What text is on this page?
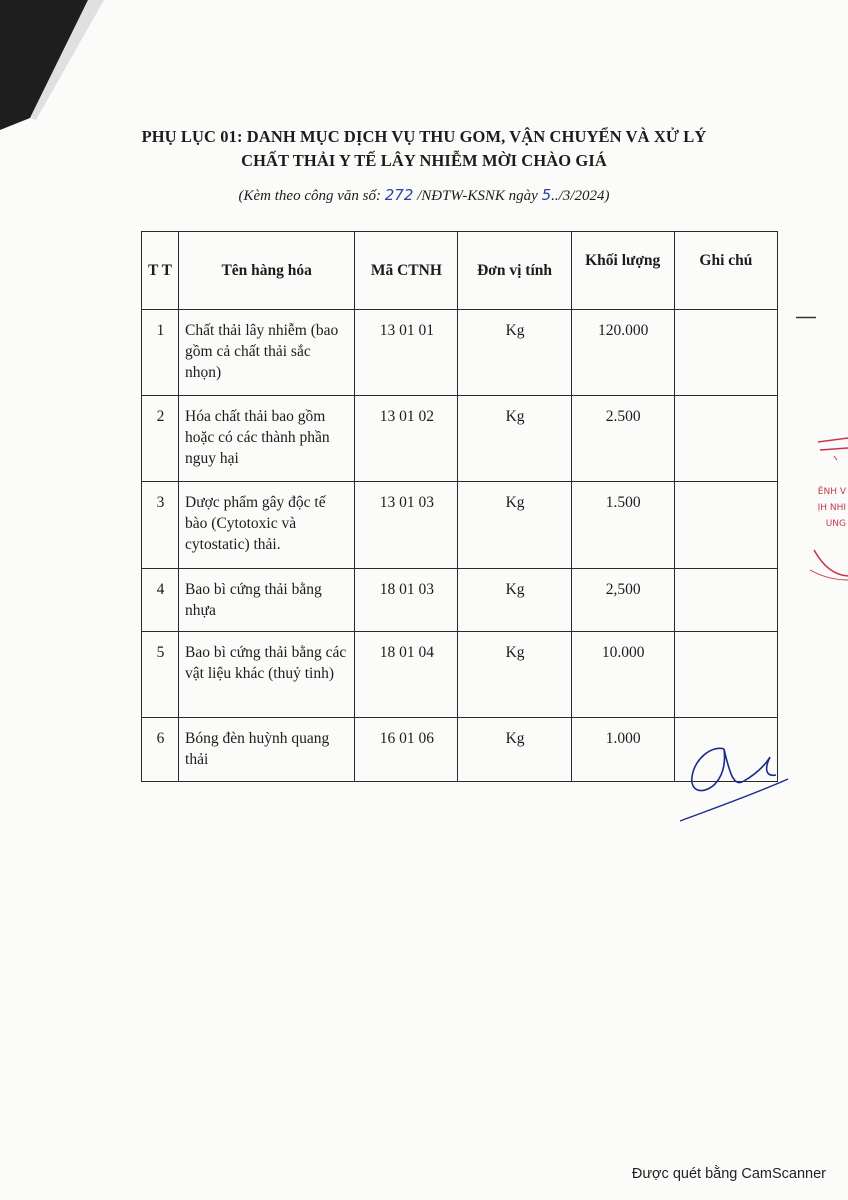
PHỤ LỤC 01: DANH MỤC DỊCH VỤ THU GOM, VẬN CHUYỂN VÀ XỬ LÝ
CHẤT THẢI Y TẾ LÂY NHIỄM MỜI CHÀO GIÁ
(Kèm theo công văn số: 272 /NĐTW-KSNK ngày 5../3/2024)
T T	Tên hàng hóa	Mã CTNH	Đơn vị tính	Khối lượng	Ghi chú
1	Chất thải lây nhiễm (bao gồm cả chất thải sắc nhọn)	13 01 01	Kg	120.000	
2	Hóa chất thải bao gồm hoặc có các thành phần nguy hại	13 01 02	Kg	2.500	
3	Dược phẩm gây độc tế bào (Cytotoxic và cytostatic) thải.	13 01 03	Kg	1.500	
4	Bao bì cứng thải bằng nhựa	18 01 03	Kg	2,500	
5	Bao bì cứng thải bằng các vật liệu khác (thuỷ tinh)	18 01 04	Kg	10.000	
6	Bóng đèn huỳnh quang thải	16 01 06	Kg	1.000	
ÊNH V
ỊH NHI
UNG
Được quét bằng CamScanner
